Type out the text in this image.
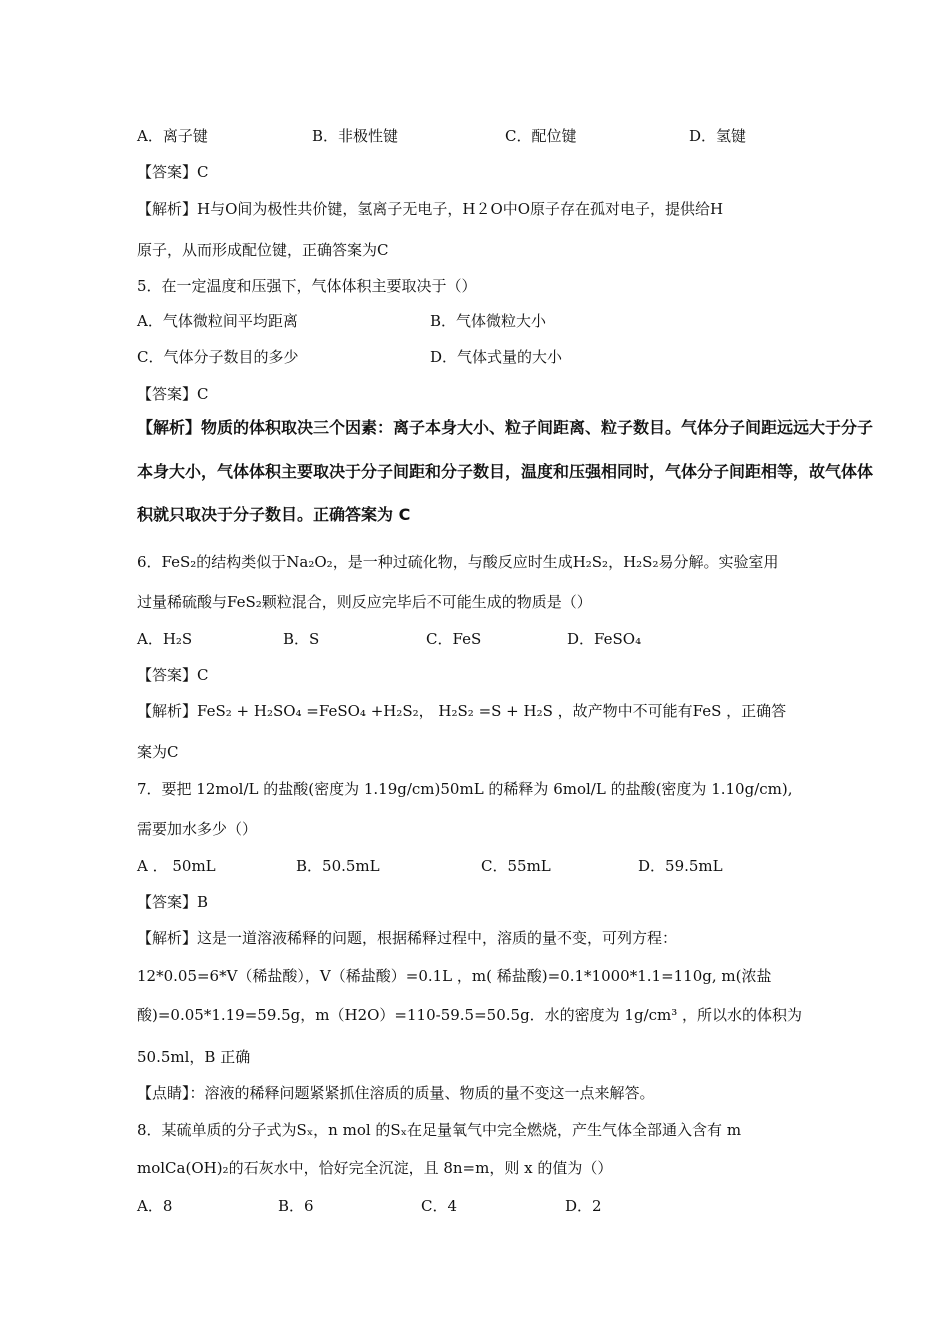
A．离子键	B．非极性键	C．配位键	D．氢键
【答案】C
【解析】H与O间为极性共价键，氢离子无电子，H２O中O原子存在孤对电子，提供给H
原子，从而形成配位键，正确答案为C
5．在一定温度和压强下，气体体积主要取决于（）
A．气体微粒间平均距离	B．气体微粒大小
C．气体分子数目的多少	D．气体式量的大小
【答案】C
【解析】物质的体积取决三个因素：离子本身大小、粒子间距离、粒子数目。气体分子间距远远大于分子
本身大小，气体体积主要取决于分子间距和分子数目，温度和压强相同时，气体分子间距相等，故气体体
积就只取决于分子数目。正确答案为 C
6．FeS₂的结构类似于Na₂O₂，是一种过硫化物，与酸反应时生成H₂S₂，H₂S₂易分解。实验室用
过量稀硫酸与FeS₂颗粒混合，则反应完毕后不可能生成的物质是（）
A．H₂S	B．S	C．FeS	D．FeSO₄
【答案】C
【解析】FeS₂ + H₂SO₄ =FeSO₄ +H₂S₂， H₂S₂ =S + H₂S ，故产物中不可能有FeS ，正确答
案为C
7．要把 12mol/L 的盐酸(密度为 1.19g/cm)50mL 的稀释为 6mol/L 的盐酸(密度为 1.10g/cm),
需要加水多少（）
A ． 50mL	B．50.5mL	C．55mL	D．59.5mL
【答案】B
【解析】这是一道溶液稀释的问题，根据稀释过程中，溶质的量不变，可列方程：
12*0.05=6*V（稀盐酸），V（稀盐酸）=0.1L ，m( 稀盐酸)=0.1*1000*1.1=110g, m(浓盐
酸)=0.05*1.19=59.5g，m（H2O）=110-59.5=50.5g．水的密度为 1g/cm³ ，所以水的体积为
50.5ml，B 正确
【点睛】：溶液的稀释问题紧紧抓住溶质的质量、物质的量不变这一点来解答。
8．某硫单质的分子式为Sₓ，n mol 的Sₓ在足量氧气中完全燃烧，产生气体全部通入含有 m
molCa(OH)₂的石灰水中，恰好完全沉淀，且 8n=m，则 x 的值为（）
A．8	B．6	C．4	D．2
